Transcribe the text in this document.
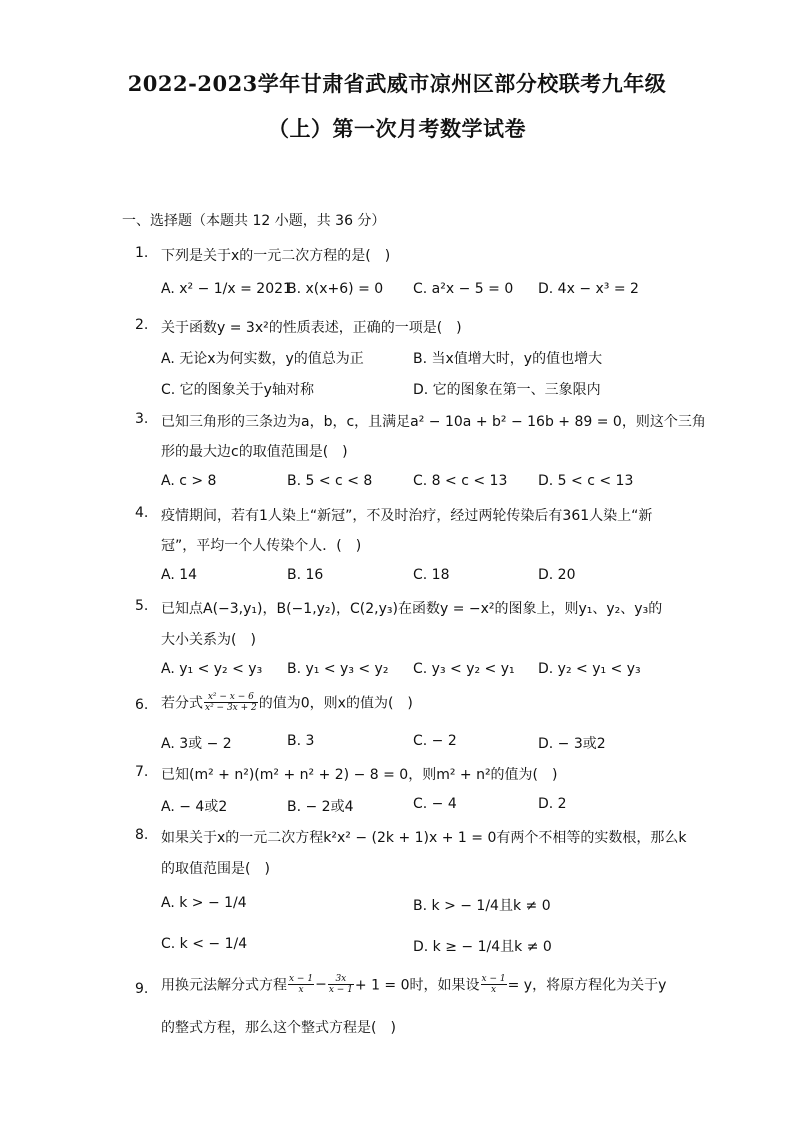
2022-2023学年甘肃省武威市凉州区部分校联考九年级
（上）第一次月考数学试卷
一、选择题（本题共 12 小题，共 36 分）
1. 下列是关于x的一元二次方程的是(　)
A. x² − 1/x = 2021
B. x(x+6) = 0 C. a²x − 5 = 0 D. 4x − x³ = 2
2. 关于函数y = 3x²的性质表述，正确的一项是(　)
A. 无论x为何实数，y的值总为正	B. 当x值增大时，y的值也增大
C. 它的图象关于y轴对称	D. 它的图象在第一、三象限内
3. 已知三角形的三条边为a，b，c，且满足a² − 10a + b² − 16b + 89 = 0，则这个三角
形的最大边c的取值范围是(　)
A. c > 8	B. 5 < c < 8	C. 8 < c < 13 D. 5 < c < 13
4. 疫情期间，若有1人染上“新冠”，不及时治疗，经过两轮传染后有361人染上“新
冠”，平均一个人传染个人．(　)
A. 14	B. 16	C. 18	D. 20
5. 已知点A(−3,y₁)，B(−1,y₂)，C(2,y₃)在函数y = −x²的图象上，则y₁、y₂、y₃的
大小关系为(　)
A. y₁ < y₂ < y₃ B. y₁ < y₃ < y₂ C. y₃ < y₂ < y₁ D. y₂ < y₁ < y₃
6. 若分式 $\frac{\text{x² − x − 6}}{\text{x² − 3x + 2}}$ 的值为0，则x的值为(　)
A. 3或 − 2	B. 3	C. − 2	D. − 3或2
7. 已知(m² + n²)(m² + n² + 2) − 8 = 0，则m² + n²的值为(　)
A. − 4或2	B. − 2或4	C. − 4	D. 2
8. 如果关于x的一元二次方程k²x² − (2k + 1)x + 1 = 0有两个不相等的实数根，那么k
的取值范围是(　)
A. k > − 1/4	B. k > − 1/4且k ≠ 0
C. k < − 1/4	D. k ≥ − 1/4且k ≠ 0
9. 用换元法解分式方程 $\frac{x - 1}{x} - \frac{3x}{x - 1} + 1 = 0$时，如果设 $\frac{x - 1}{x} = y$，将原方程化为关于y
的整式方程，那么这个整式方程是(　)
